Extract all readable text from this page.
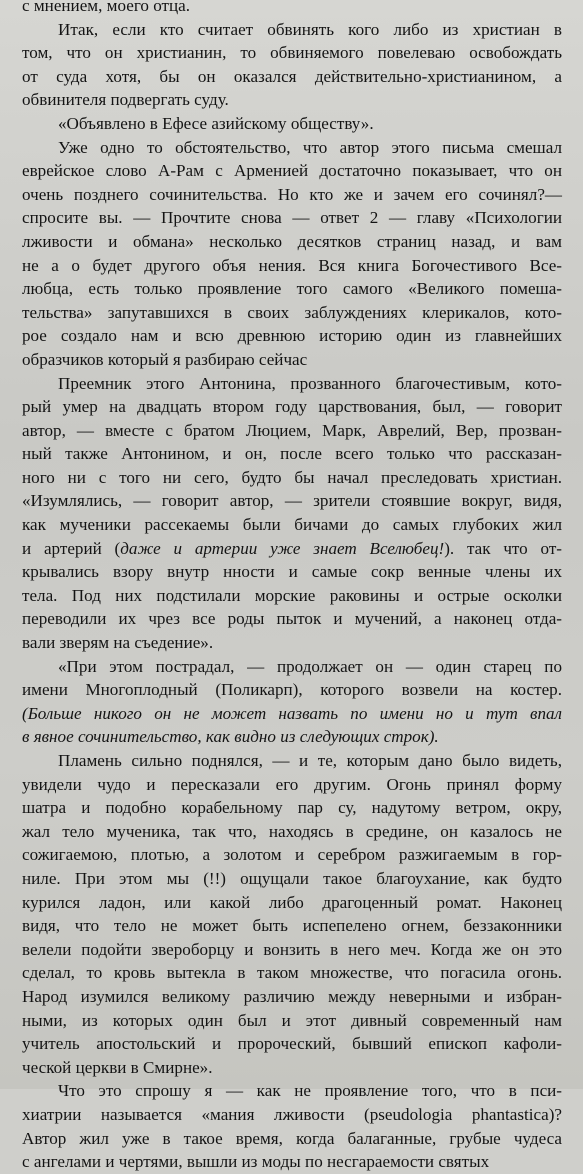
с мнением, моего отца.
Итак, если кто считает обвинять кого либо из христиан в
том, что он христианин, то обвиняемого повелеваю освобождать
от суда хотя, бы он оказался действительно-христианином, а
обвинителя подвергать суду.
«Объявлено в Ефесе азийскому обществу».
Уже одно то обстоятельство, что автор этого письма смешал
еврейское слово А-Рам с Арменией достаточно показывает, что он
очень позднего сочинительства. Но кто же и зачем его сочинял?—
спросите вы. — Прочтите снова — ответ 2 — главу «Психологии
лживости и обмана» несколько десятков страниц назад, и вам
не a о будет другого объя нения. Вся книга Богочестивого Все-
любца, есть только проявление того самого «Великого помеша-
тельства» запутавшихся в своих заблуждениях клерикалов, кото-
рое создало нам и всю древнюю историю один из главнейших
образчиков который я разбираю сейчас
Преемник этого Антонина, прозванного благочестивым, кото-
рый умер на двадцать втором году царствования, был, — говорит
автор, — вместе с братом Люцием, Марк, Аврелий, Вер, прозван-
ный также Антонином, и он, после всего только что рассказан-
ного ни с того ни сего, будто бы начал преследовать христиан.
«Изумлялись, — говорит автор, — зрители стоявшие вокруг, видя,
как мученики рассекаемы были бичами до самых глубоких жил
и артерий (даже и артерии уже знает Вселюбец!). так что от-
крывались взору внутр нности и самые сокр венные члены их
тела. Под них подстилали морские раковины и острые осколки
переводили их чрез все роды пыток и мучений, а наконец отда-
вали зверям на съедение».
«При этом пострадал, — продолжает он — один старец по
имени Многоплодный (Поликарп), которого возвели на костер.
(Больше никого он не может назвать по имени но и тут впал
в явное сочинительство, как видно из следующих строк).
Пламень сильно поднялся, — и те, которым дано было видеть,
увидели чудо и пересказали его другим. Огонь принял форму
шатра и подобно корабельному пар су, надутому ветром, окру,
жал тело мученика, так что, находясь в средине, он казалось не
сожигаемою, плотью, а золотом и серебром разжигаемым в гор-
ниле. При этом мы (!!) ощущали такое благоухание, как будто
курился ладон, или какой либо драгоценный ромат. Наконец
видя, что тело не может быть испепелено огнем, беззаконники
велели подойти звероборцу и вонзить в него меч. Когда же он это
сделал, то кровь вытекла в таком множестве, что погасила огонь.
Народ изумился великому различию между неверными и избран-
ными, из которых один был и этот дивный современный нам
учитель апостольский и пророческий, бывший епископ кафоли-
ческой церкви в Смирне».
Что это спрошу я — как не проявление того, что в пси-
хиатрии называется «мания лживости (pseudologia phantastica)?
Автор жил уже в такое время, когда балаганные, грубые чудеса
с ангелами и чертями, вышли из моды по несгараемости святых
